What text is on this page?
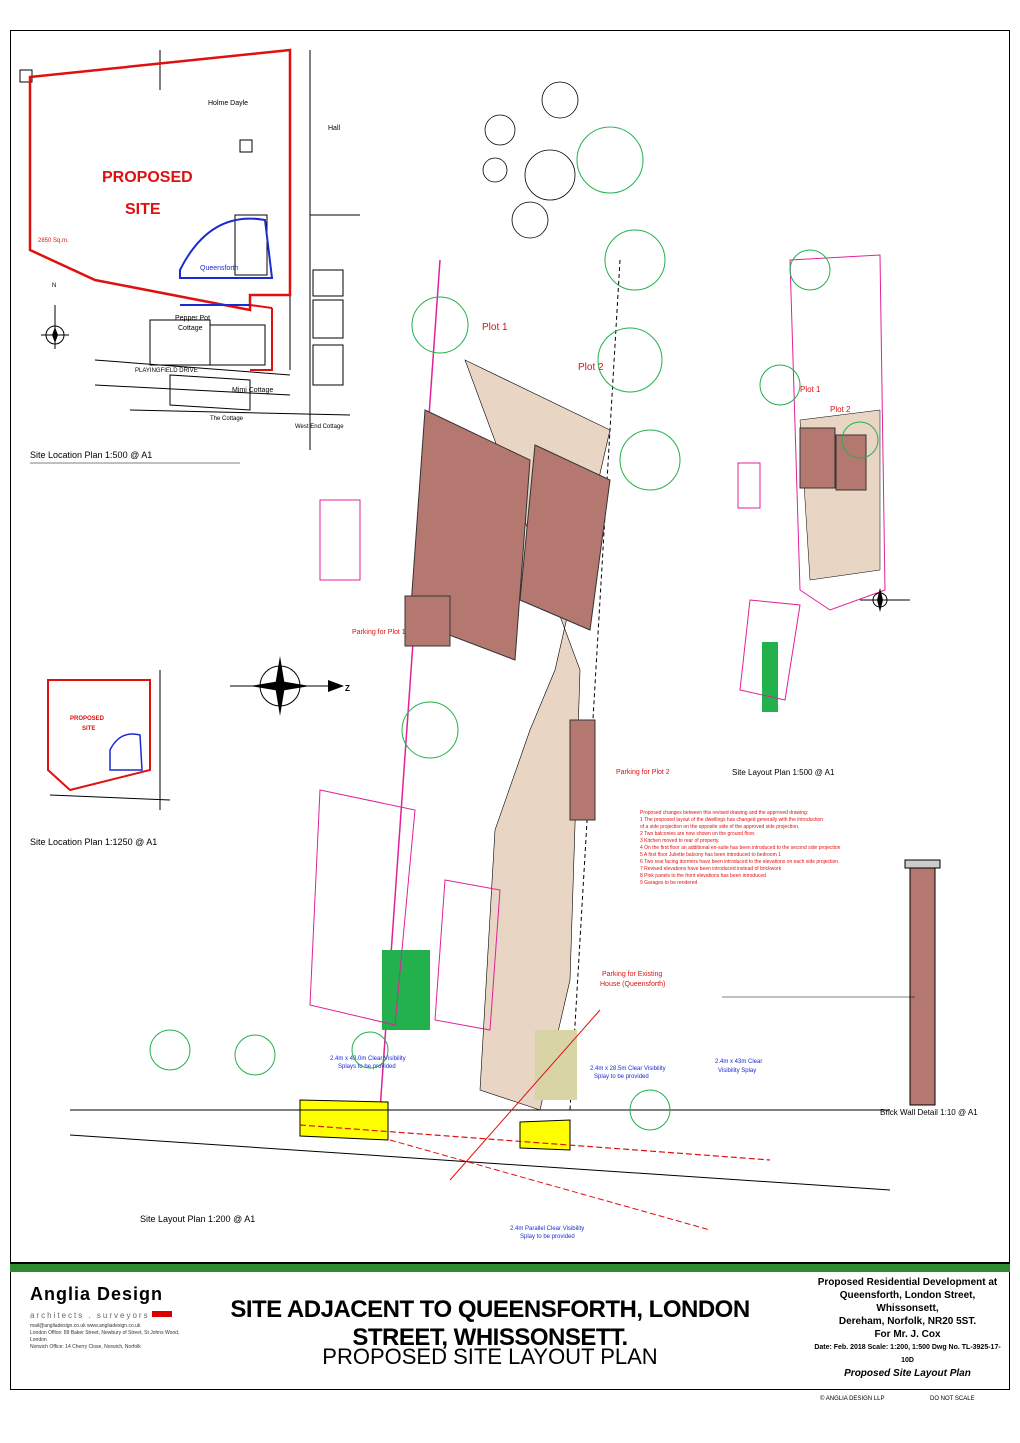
Holme Dayle
Hall
PROPOSED
SITE
2850 Sq.m.
Queensforth
Pepper Pot
Cottage
PLAYINGFIELD DRIVE
Mimi Cottage
The Cottage
West End Cottage
N
Site Location Plan 1:500 @ A1
PROPOSED
SITE
Site Location Plan 1:1250 @ A1
Z
Plot 1
Plot 2
Parking for Plot 1
Parking for Plot 2
Parking for Existing
House (Queensforth)
2.4m x 43.0m Clear Visibility
Splays to be provided	2.4m x 28.5m Clear Visibility
Splay to be provided
2.4m x 43m Clear
Visibility Splay
2.4m Parallel Clear Visibility
Splay to be provided
Site Layout Plan 1:200 @ A1
Plot 1
Plot 2
Site Layout Plan 1:500 @ A1
Proposed changes between this revised drawing and the approved drawing:
1 The proposed layout of the dwellings has changed generally with the introduction of a side projection on the opposite side of the approved side projection. 2 Two balconies are now shown on the ground floor. 3 Kitchen moved to rear of property. 4 On the first floor an additional en-suite has been introduced to the second side projection 5 A first floor Juliette balcony has been introduced to bedroom 1 6 Two rear facing dormers have been introduced to the elevations on each side projection. 7 Revised elevations have been introduced instead of brickwork 8 Pink panels to the front elevations has been introduced 9 Garages to be rendered
Brick Wall Detail 1:10 @ A1
Anglia Design
architects . surveyors
mail@angliadesign.co.uk www.angliadesign.co.uk
London Office: 89 Baker Street, Newbury of Street, St Johns Wood, London
Norwich Office: 14 Cherry Close, Norwich, Norfolk
SITE ADJACENT TO QUEENSFORTH, LONDON STREET, WHISSONSETT.
PROPOSED SITE LAYOUT PLAN
Proposed Residential Development at
Queensforth, London Street, Whissonsett,
Dereham, Norfolk, NR20 5ST.
For Mr. J. Cox
Date: Feb. 2018 Scale: 1:200, 1:500 Dwg No. TL-3925-17-10D
Proposed Site Layout Plan
© ANGLIA DESIGN LLP	DO NOT SCALE
